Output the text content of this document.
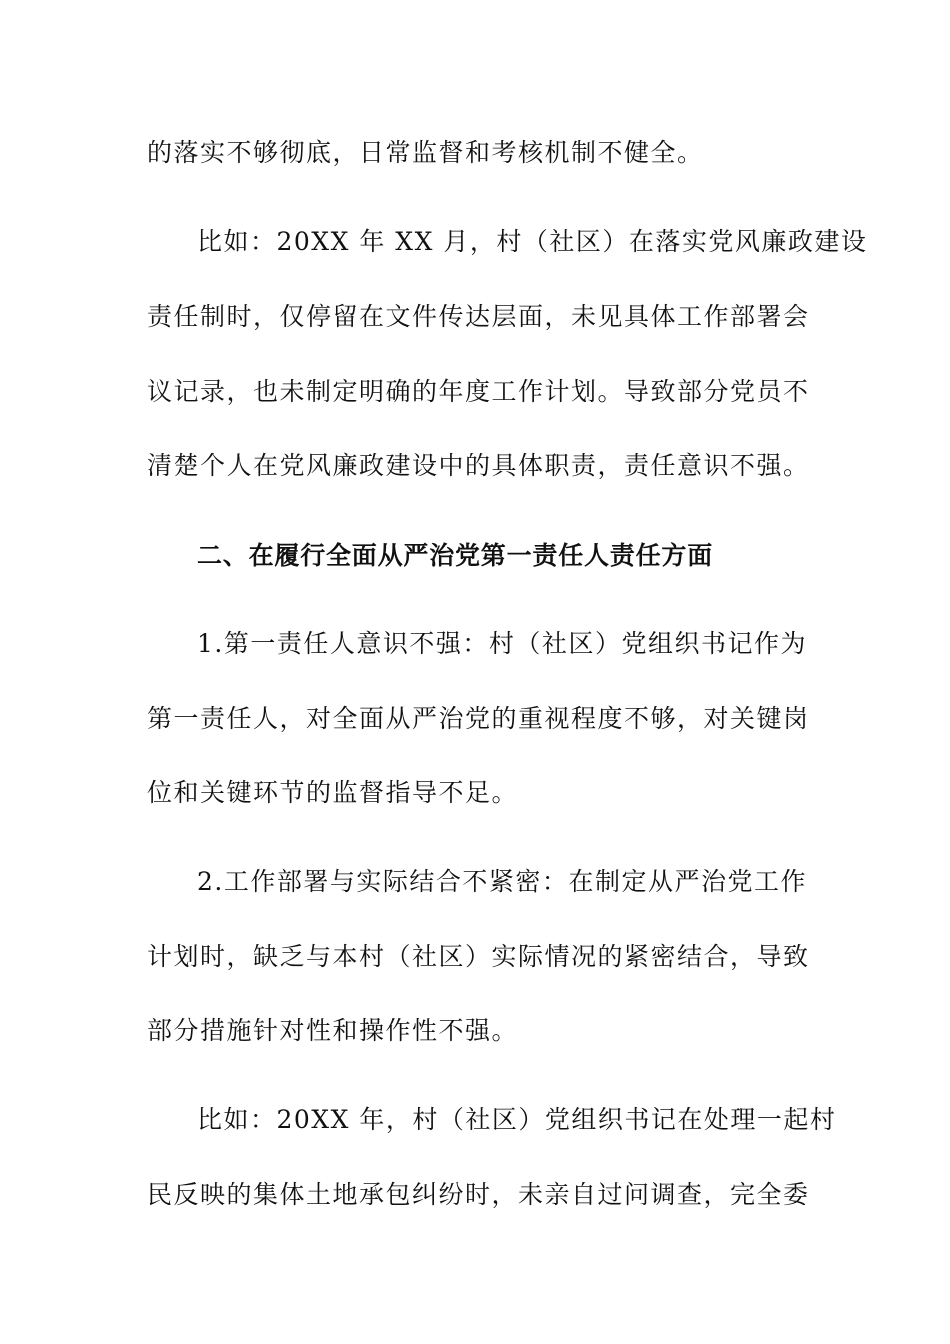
的落实不够彻底，日常监督和考核机制不健全。
比如：20XX 年 XX 月，村（社区）在落实党风廉政建设
责任制时，仅停留在文件传达层面，未见具体工作部署会
议记录，也未制定明确的年度工作计划。导致部分党员不
清楚个人在党风廉政建设中的具体职责，责任意识不强。
二、在履行全面从严治党第一责任人责任方面
1.第一责任人意识不强：村（社区）党组织书记作为
第一责任人，对全面从严治党的重视程度不够，对关键岗
位和关键环节的监督指导不足。
2.工作部署与实际结合不紧密：在制定从严治党工作
计划时，缺乏与本村（社区）实际情况的紧密结合，导致
部分措施针对性和操作性不强。
比如：20XX 年，村（社区）党组织书记在处理一起村
民反映的集体土地承包纠纷时，未亲自过问调查，完全委
